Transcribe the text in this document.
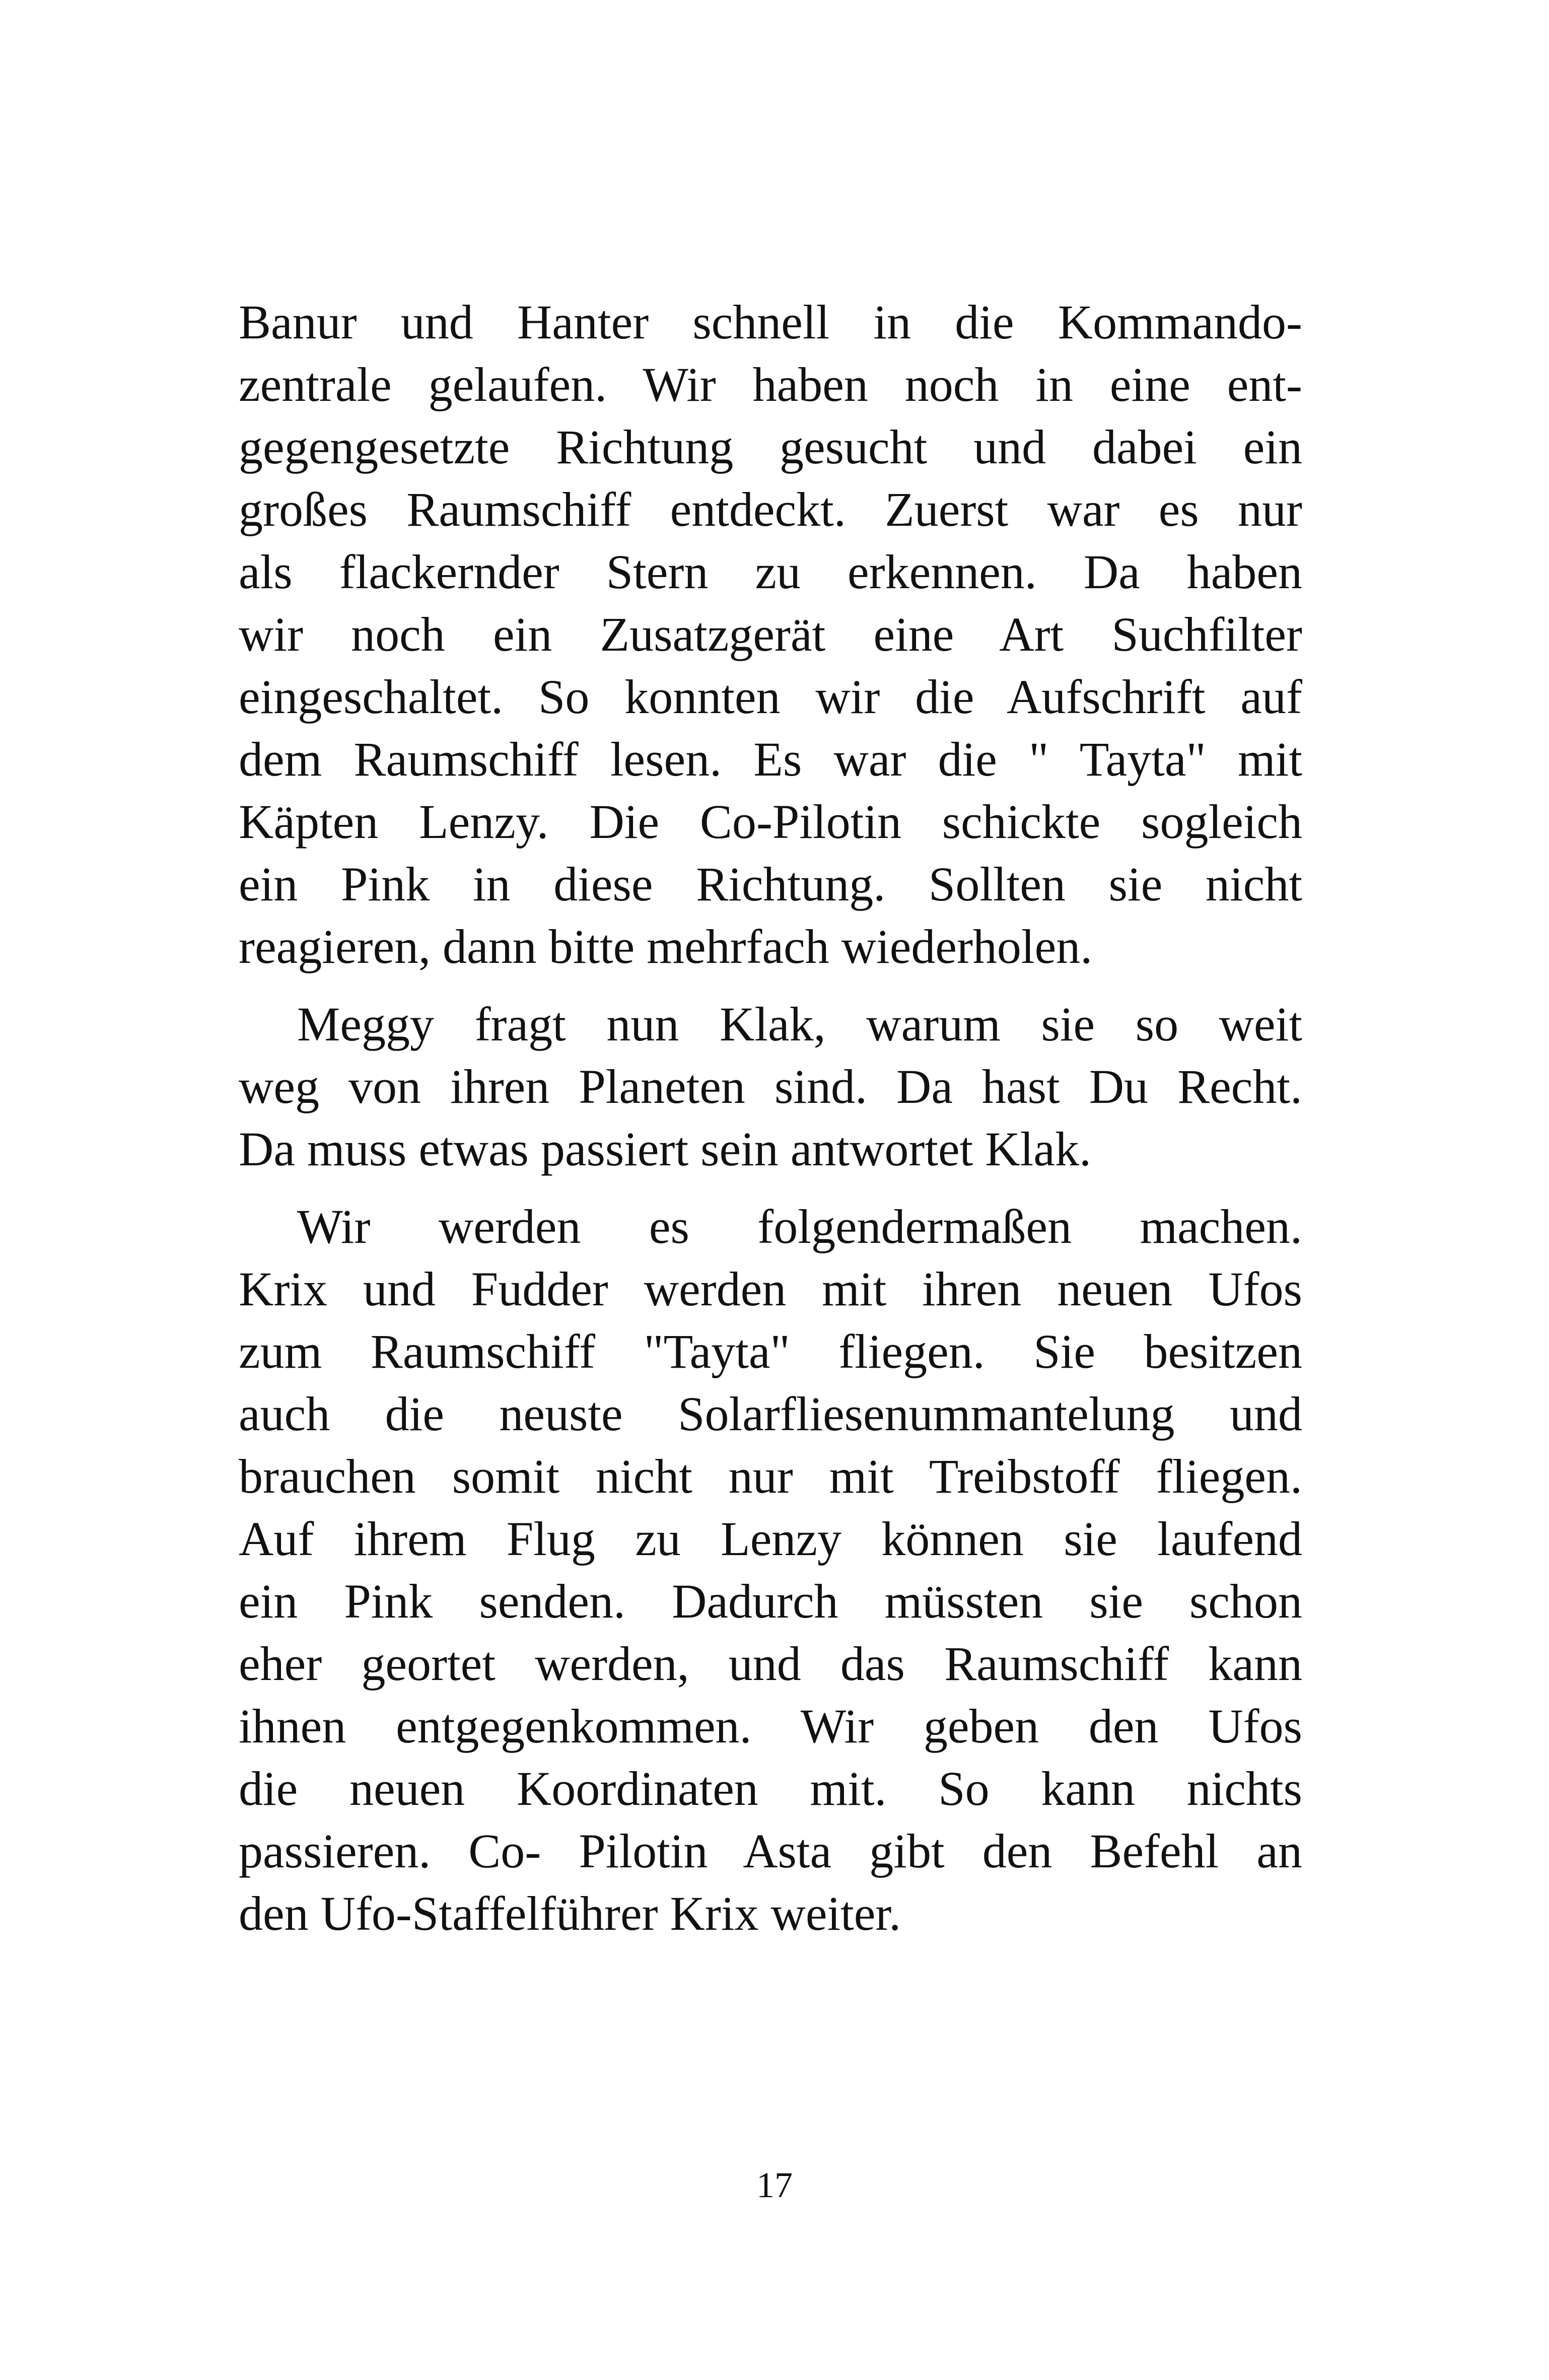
Banur und Hanter schnell in die Kommando-
zentrale gelaufen. Wir haben noch in eine ent-
gegengesetzte Richtung gesucht und dabei ein
großes Raumschiff entdeckt. Zuerst war es nur
als flackernder Stern zu erkennen. Da haben
wir noch ein Zusatzgerät eine Art Suchfilter
eingeschaltet. So konnten wir die Aufschrift auf
dem Raumschiff lesen. Es war die " Tayta" mit
Käpten Lenzy. Die Co-Pilotin schickte sogleich
ein Pink in diese Richtung. Sollten sie nicht
reagieren, dann bitte mehrfach wiederholen.

Meggy fragt nun Klak, warum sie so weit
weg von ihren Planeten sind. Da hast Du Recht.
Da muss etwas passiert sein antwortet Klak.

Wir werden es folgendermaßen machen.
Krix und Fudder werden mit ihren neuen Ufos
zum Raumschiff "Tayta" fliegen. Sie besitzen
auch die neuste Solarfliesenummantelung und
brauchen somit nicht nur mit Treibstoff fliegen.
Auf ihrem Flug zu Lenzy können sie laufend
ein Pink senden. Dadurch müssten sie schon
eher geortet werden, und das Raumschiff kann
ihnen entgegenkommen. Wir geben den Ufos
die neuen Koordinaten mit. So kann nichts
passieren. Co- Pilotin Asta gibt den Befehl an
den Ufo-Staffelführer Krix weiter.

17
